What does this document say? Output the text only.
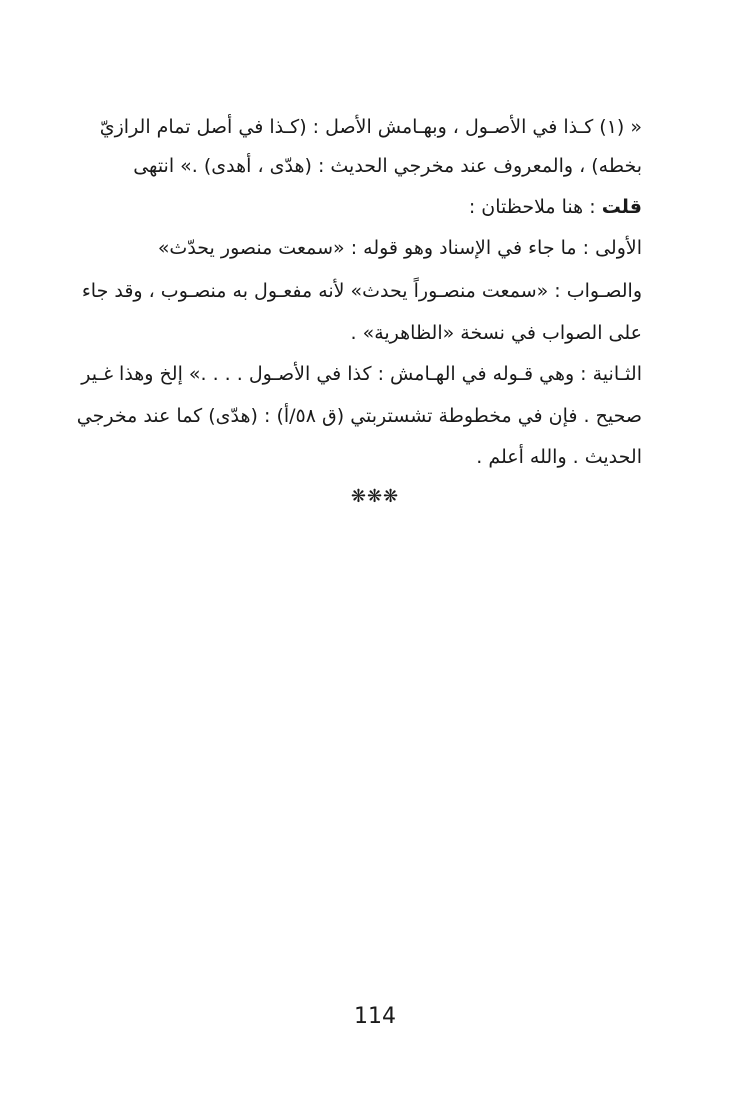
« (١) كـذا في الأصـول ، وبهـامش الأصل : (كـذا في أصل تمام الرازيّ
بخطه) ، والمعروف عند مخرجي الحديث : (هدّى ، أهدى) .» انتهى
قلت : هنا ملاحظتان :
الأولى : ما جاء في الإسناد وهو قوله : «سمعت منصور يحدّث»
والصـواب : «سمعت منصـوراً يحدث» لأنه مفعـول به منصـوب ، وقد جاء
على الصواب في نسخة «الظاهرية» .
الثـانية : وهي قـوله في الهـامش : كذا في الأصـول . . . .» إلخ وهذا غـير
صحيح . فإن في مخطوطة تشستربتي (ق ٥٨/أ) : (هدّى) كما عند مخرجي
الحديث . والله أعلم .
❋❋❋
114
